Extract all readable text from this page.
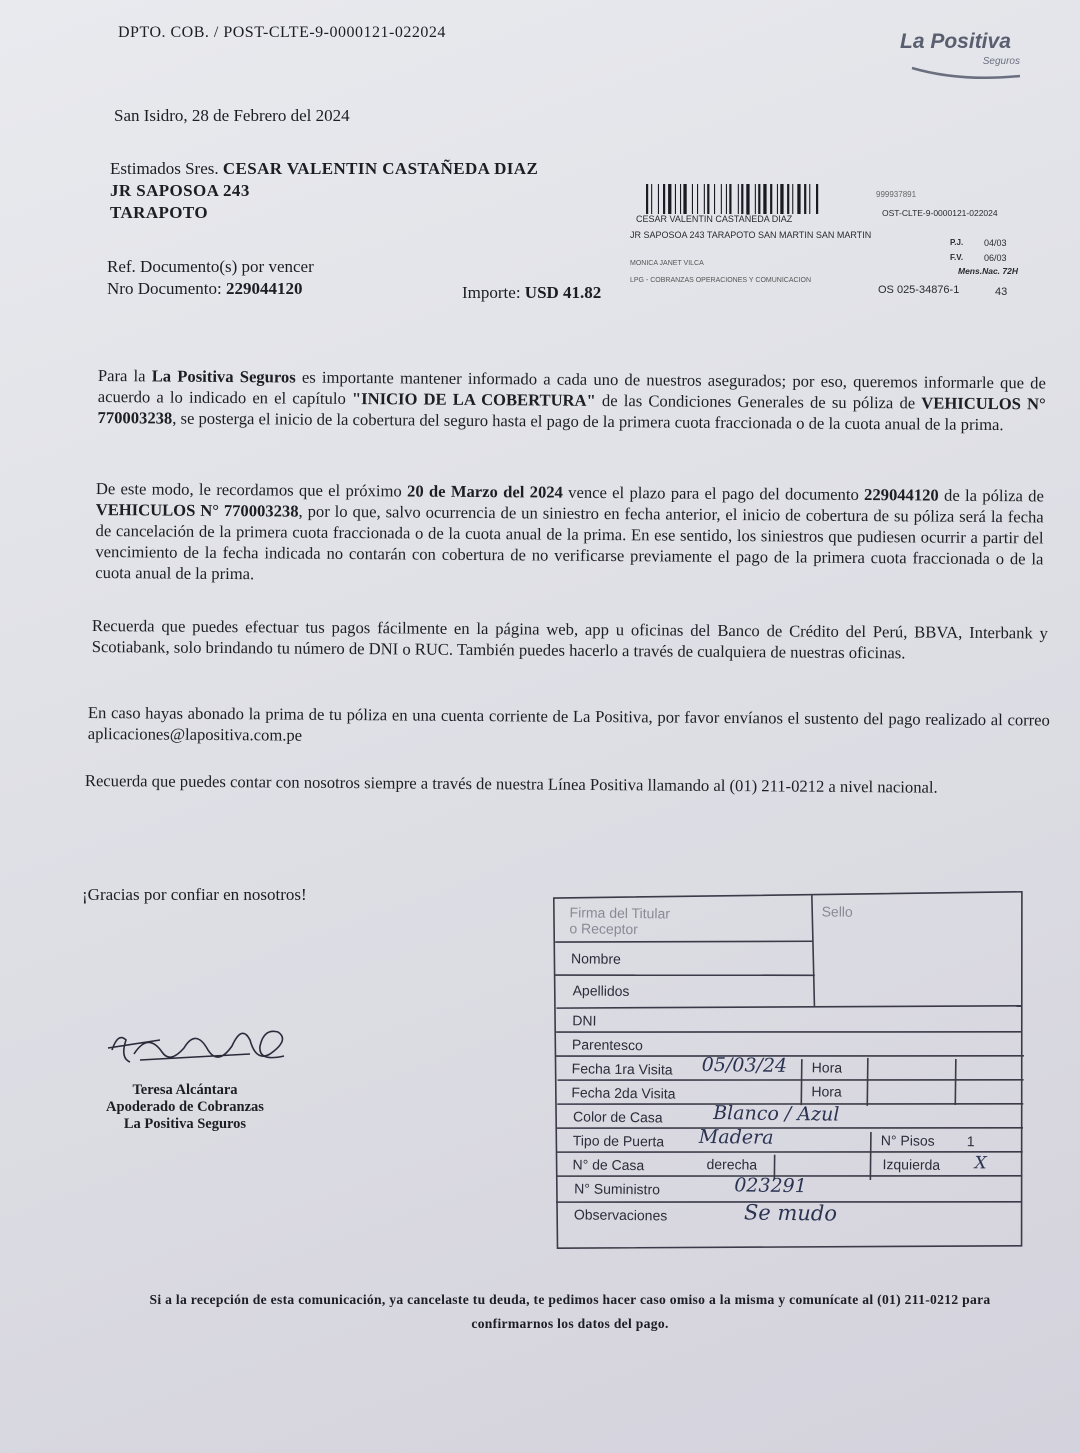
DPTO. COB. / POST-CLTE-9-0000121-022024	La Positiva
Seguros
San Isidro, 28 de Febrero del 2024
Estimados Sres. CESAR VALENTIN CASTAÑEDA DIAZ
JR SAPOSOA 243
TARAPOTO
Ref. Documento(s) por vencer
Nro Documento: 229044120	Importe: USD 41.82
999937891
OST-CLTE-9-0000121-022024
CESAR VALENTIN CASTAÑEDA DIAZ
JR SAPOSOA 243 TARAPOTO SAN MARTIN SAN MARTIN
P.J. 04/03
F.V. 06/03
Mens.Nac. 72H
MONICA JANET VILCA
LPG - COBRANZAS OPERACIONES Y COMUNICACION
OS 025-34876-1	43
Para la La Positiva Seguros es importante mantener informado a cada uno de nuestros asegurados; por eso, queremos informarle que de acuerdo a lo indicado en el capítulo "INICIO DE LA COBERTURA" de las Condiciones Generales de su póliza de VEHICULOS N° 770003238, se posterga el inicio de la cobertura del seguro hasta el pago de la primera cuota fraccionada o de la cuota anual de la prima.
De este modo, le recordamos que el próximo 20 de Marzo del 2024 vence el plazo para el pago del documento 229044120 de la póliza de VEHICULOS N° 770003238, por lo que, salvo ocurrencia de un siniestro en fecha anterior, el inicio de cobertura de su póliza será la fecha de cancelación de la primera cuota fraccionada o de la cuota anual de la prima. En ese sentido, los siniestros que pudiesen ocurrir a partir del vencimiento de la fecha indicada no contarán con cobertura de no verificarse previamente el pago de la primera cuota fraccionada o de la cuota anual de la prima.
Recuerda que puedes efectuar tus pagos fácilmente en la página web, app u oficinas del Banco de Crédito del Perú, BBVA, Interbank y Scotiabank, solo brindando tu número de DNI o RUC. También puedes hacerlo a través de cualquiera de nuestras oficinas.
En caso hayas abonado la prima de tu póliza en una cuenta corriente de La Positiva, por favor envíanos el sustento del pago realizado al correo aplicaciones@lapositiva.com.pe
Recuerda que puedes contar con nosotros siempre a través de nuestra Línea Positiva llamando al (01) 211-0212 a nivel nacional.
¡Gracias por confiar en nosotros!
Teresa Alcántara
Apoderado de Cobranzas
La Positiva Seguros
Firma del Titular
o Receptor
Sello
Nombre
Apellidos
DNI
Parentesco
Fecha 1ra Visita 05/03/24 Hora
Fecha 2da Visita	Hora
Color de Casa	Blanco / Azul
Tipo de Puerta Madera	N° Pisos 1
N° de Casa	derecha	Izquierda X
N° Suministro	023291
Observaciones	Se mudo
Si a la recepción de esta comunicación, ya cancelaste tu deuda, te pedimos hacer caso omiso a la misma y comunícate al (01) 211-0212 para
confirmarnos los datos del pago.
